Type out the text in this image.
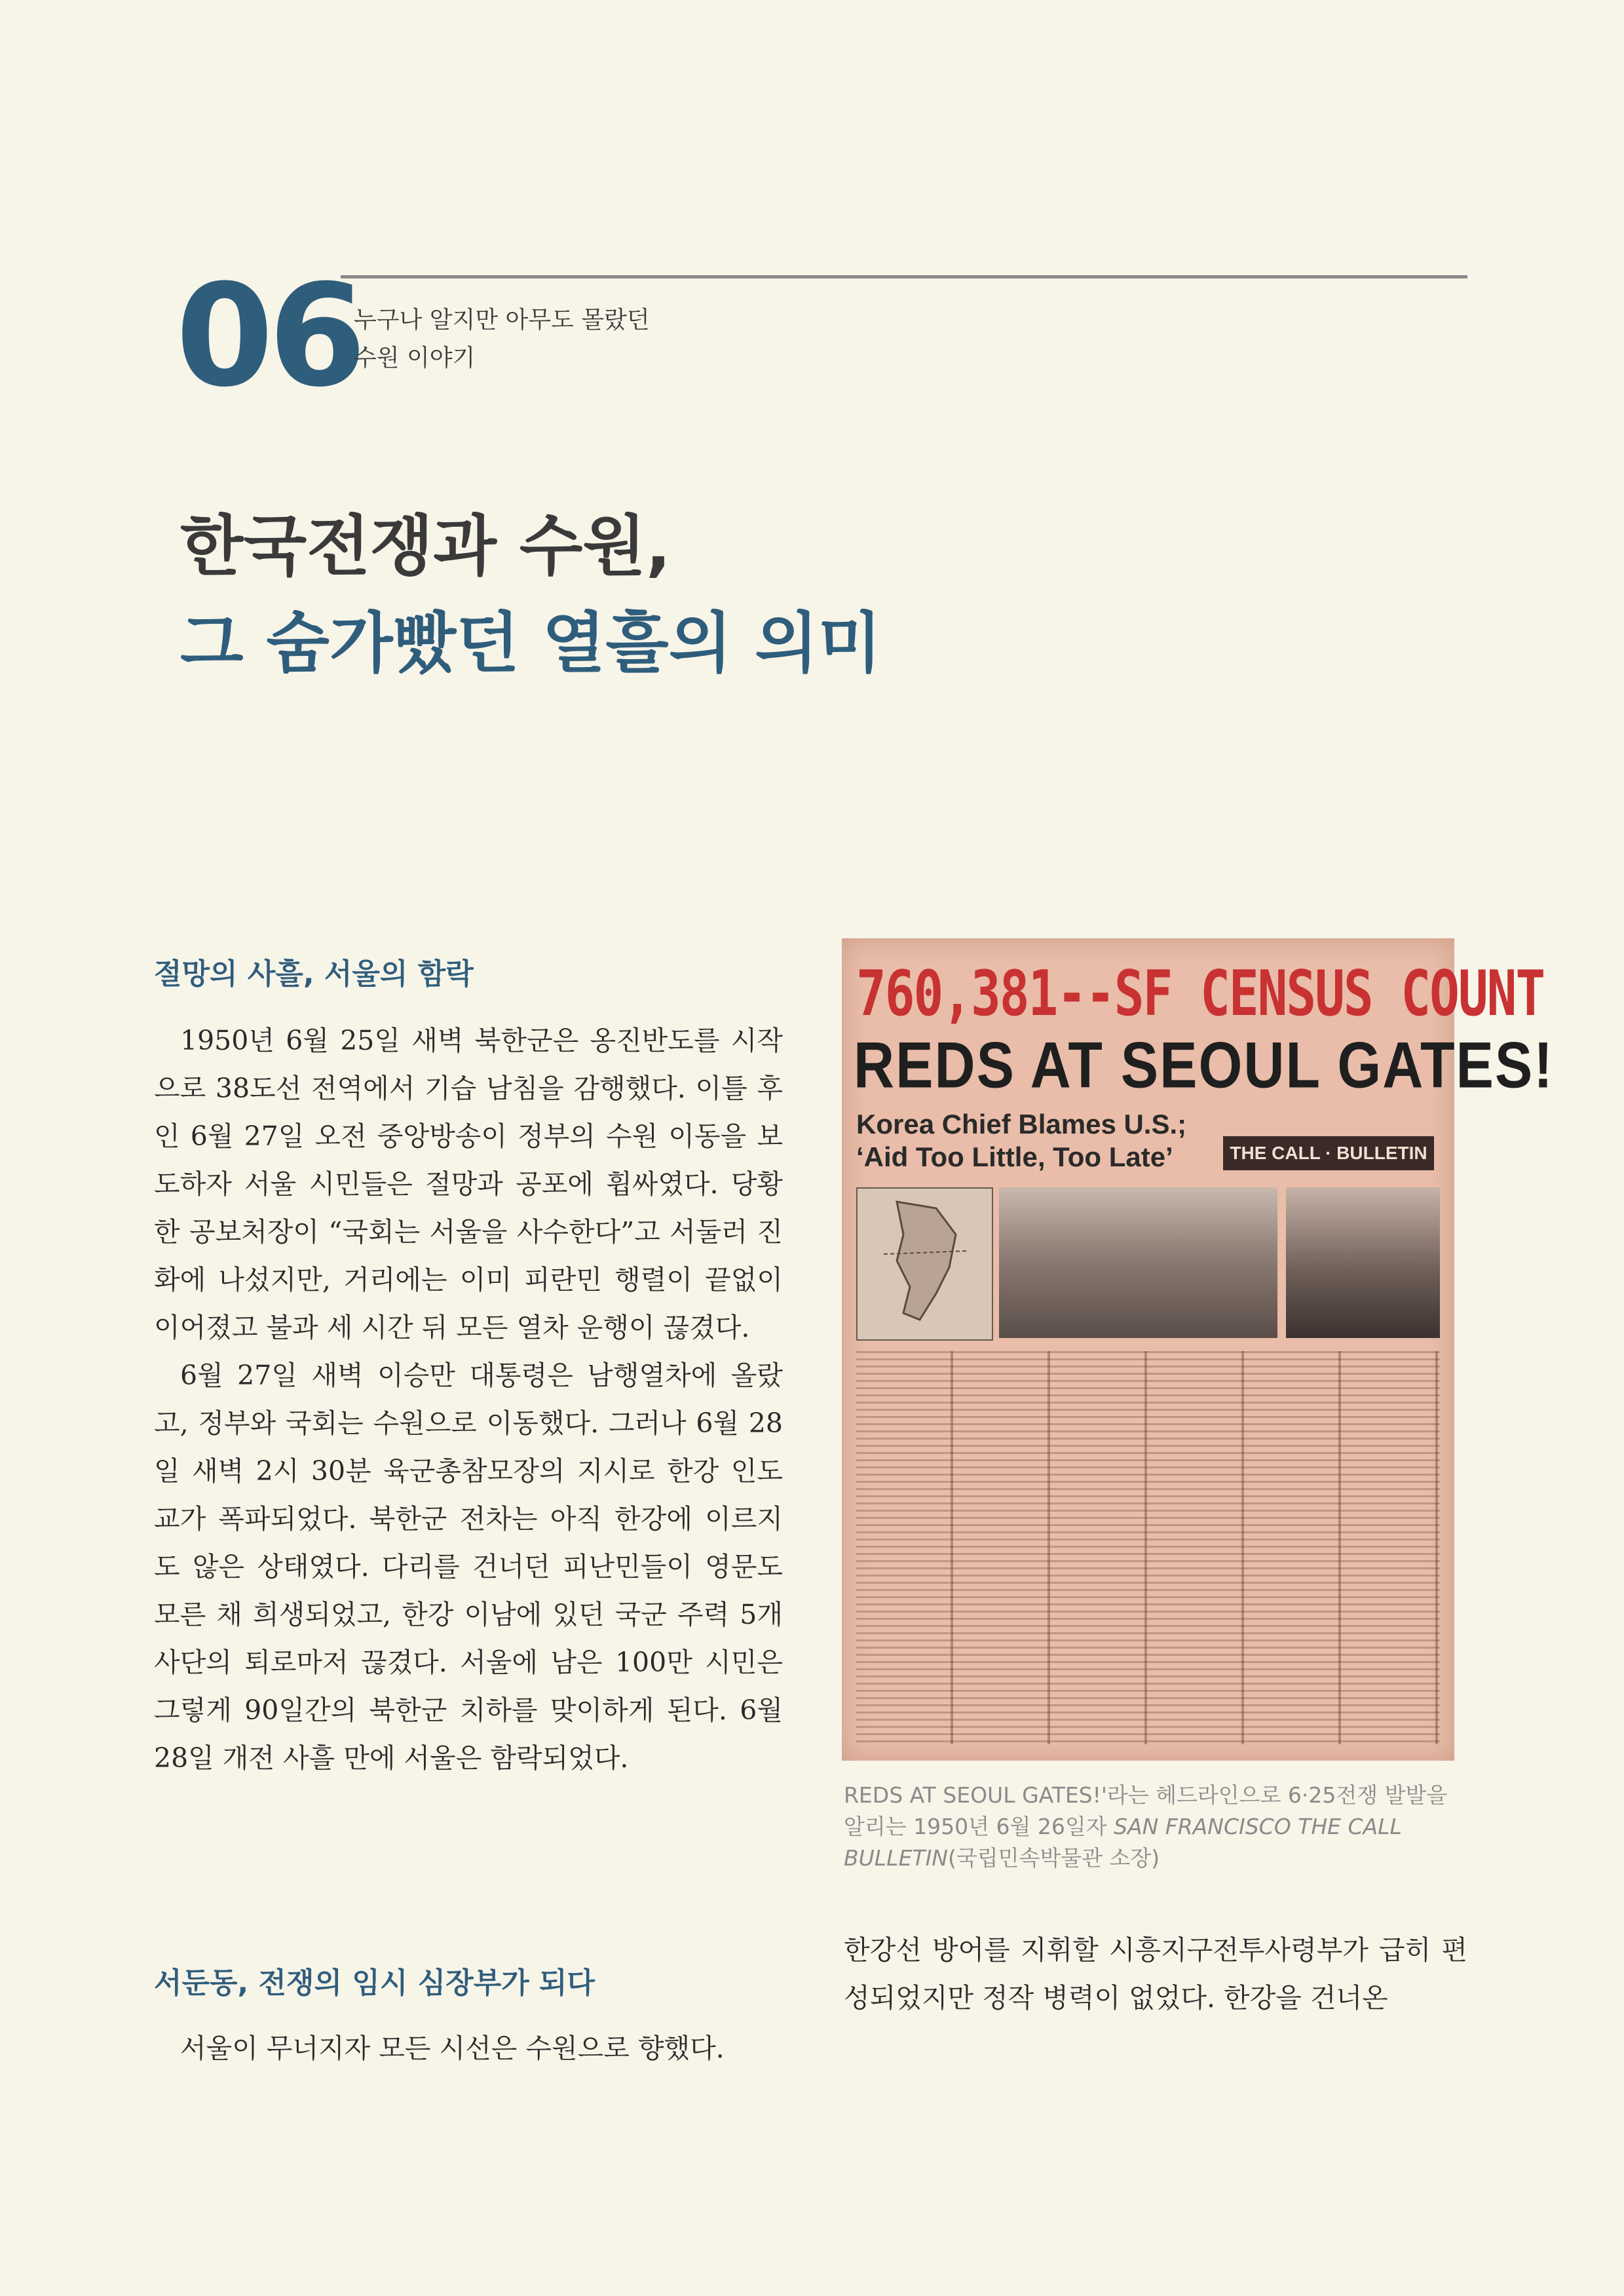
06
누구나 알지만 아무도 몰랐던
수원 이야기
한국전쟁과 수원,
그 숨가빴던 열흘의 의미
절망의 사흘, 서울의 함락

1950년 6월 25일 새벽 북한군은 옹진반도를 시작으로 38도선 전역에서 기습 남침을 감행했다. 이틀 후인 6월 27일 오전 중앙방송이 정부의 수원 이동을 보도하자 서울 시민들은 절망과 공포에 휩싸였다. 당황한 공보처장이 “국회는 서울을 사수한다”고 서둘러 진화에 나섰지만, 거리에는 이미 피란민 행렬이 끝없이 이어졌고 불과 세 시간 뒤 모든 열차 운행이 끊겼다.

6월 27일 새벽 이승만 대통령은 남행열차에 올랐고, 정부와 국회는 수원으로 이동했다. 그러나 6월 28일 새벽 2시 30분 육군총참모장의 지시로 한강 인도교가 폭파되었다. 북한군 전차는 아직 한강에 이르지도 않은 상태였다. 다리를 건너던 피난민들이 영문도 모른 채 희생되었고, 한강 이남에 있던 국군 주력 5개 사단의 퇴로마저 끊겼다. 서울에 남은 100만 시민은 그렇게 90일간의 북한군 치하를 맞이하게 된다. 6월 28일 개전 사흘 만에 서울은 함락되었다.

서둔동, 전쟁의 임시 심장부가 되다

서울이 무너지자 모든 시선은 수원으로 향했다.

760,381--SF CENSUS COUNT
REDS AT SEOUL GATES!
Korea Chief Blames U.S.;
‘Aid Too Little, Too Late’	THE CALL · BULLETIN
REDS AT SEOUL GATES!'라는 헤드라인으로 6·25전쟁 발발을
알리는 1950년 6월 26일자 SAN FRANCISCO THE CALL
BULLETIN(국립민속박물관 소장)

한강선 방어를 지휘할 시흥지구전투사령부가 급히 편성되었지만 정작 병력이 없었다. 한강을 건너온
